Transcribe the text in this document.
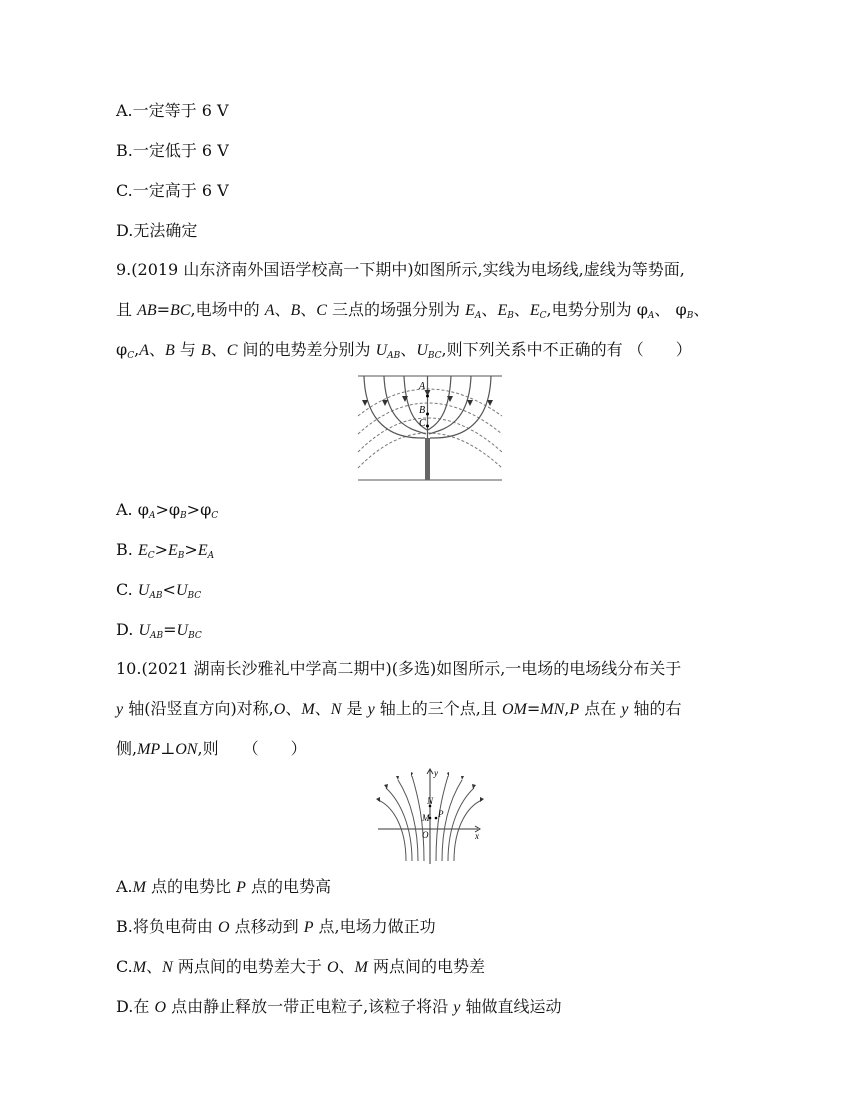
A.一定等于 6 V
B.一定低于 6 V
C.一定高于 6 V
D.无法确定
9.(2019 山东济南外国语学校高一下期中)如图所示,实线为电场线,虚线为等势面,
且 AB=BC,电场中的 A、B、C 三点的场强分别为 $E_A$、$E_B$、$E_C$,电势分别为 $\varphi_A$、 $\varphi_B$、
$\varphi_C,A$、B 与 B、C 间的电势差分别为 $U_{AB}$、$U_{BC}$,则下列关系中不正确的有 （　　）
A
B
C
A. $\varphi_A>\varphi_B>\varphi_C$
B. $E_C>E_B>E_A$
C. $U_{AB}<U_{BC}$
D. $U_{AB}=U_{BC}$
10.(2021 湖南长沙雅礼中学高二期中)(多选)如图所示,一电场的电场线分布关于
y 轴(沿竖直方向)对称,O、M、N 是 y 轴上的三个点,且 OM=MN,P 点在 y 轴的右
侧,MP⊥ON,则　　（　　）
y
x
O
M
N
P
A.M 点的电势比 P 点的电势高
B.将负电荷由 O 点移动到 P 点,电场力做正功
C.M、N 两点间的电势差大于 O、M 两点间的电势差
D.在 O 点由静止释放一带正电粒子,该粒子将沿 y 轴做直线运动
